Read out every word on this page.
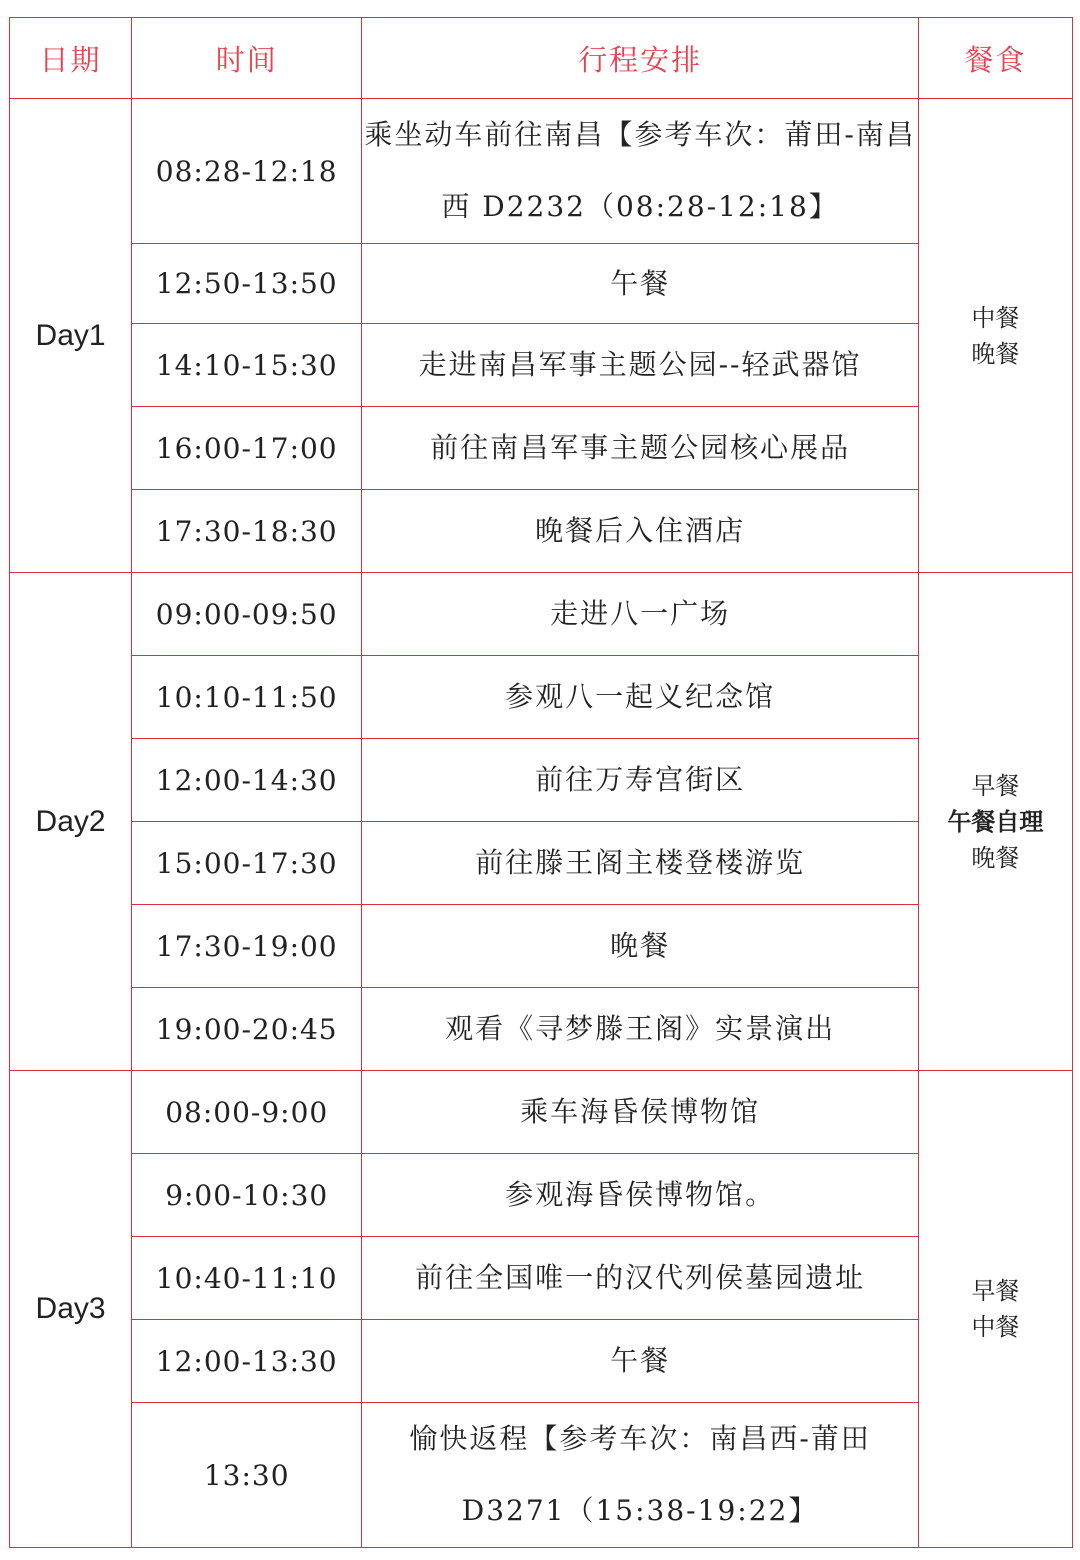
日期	时间	行程安排	餐食
Day1	08:28-12:18	乘坐动车前往南昌【参考车次：莆田-南昌西 D2232（08:28-12:18】	中餐
晚餐

	12:50-13:50	午餐	
	14:10-15:30	走进南昌军事主题公园--轻武器馆	
	16:00-17:00	前往南昌军事主题公园核心展品	
	17:30-18:30	晚餐后入住酒店	
Day2	09:00-09:50	走进八一广场	早餐
午餐自理
晚餐

	10:10-11:50	参观八一起义纪念馆	
	12:00-14:30	前往万寿宫街区	
	15:00-17:30	前往滕王阁主楼登楼游览	
	17:30-19:00	晚餐	
	19:00-20:45	观看《寻梦滕王阁》实景演出	
Day3	08:00-9:00	乘车海昏侯博物馆	早餐
中餐

	9:00-10:30	参观海昏侯博物馆。	
	10:40-11:10	前往全国唯一的汉代列侯墓园遗址	
	12:00-13:30	午餐	
	13:30	愉快返程【参考车次：南昌西-莆田 D3271（15:38-19:22】	
